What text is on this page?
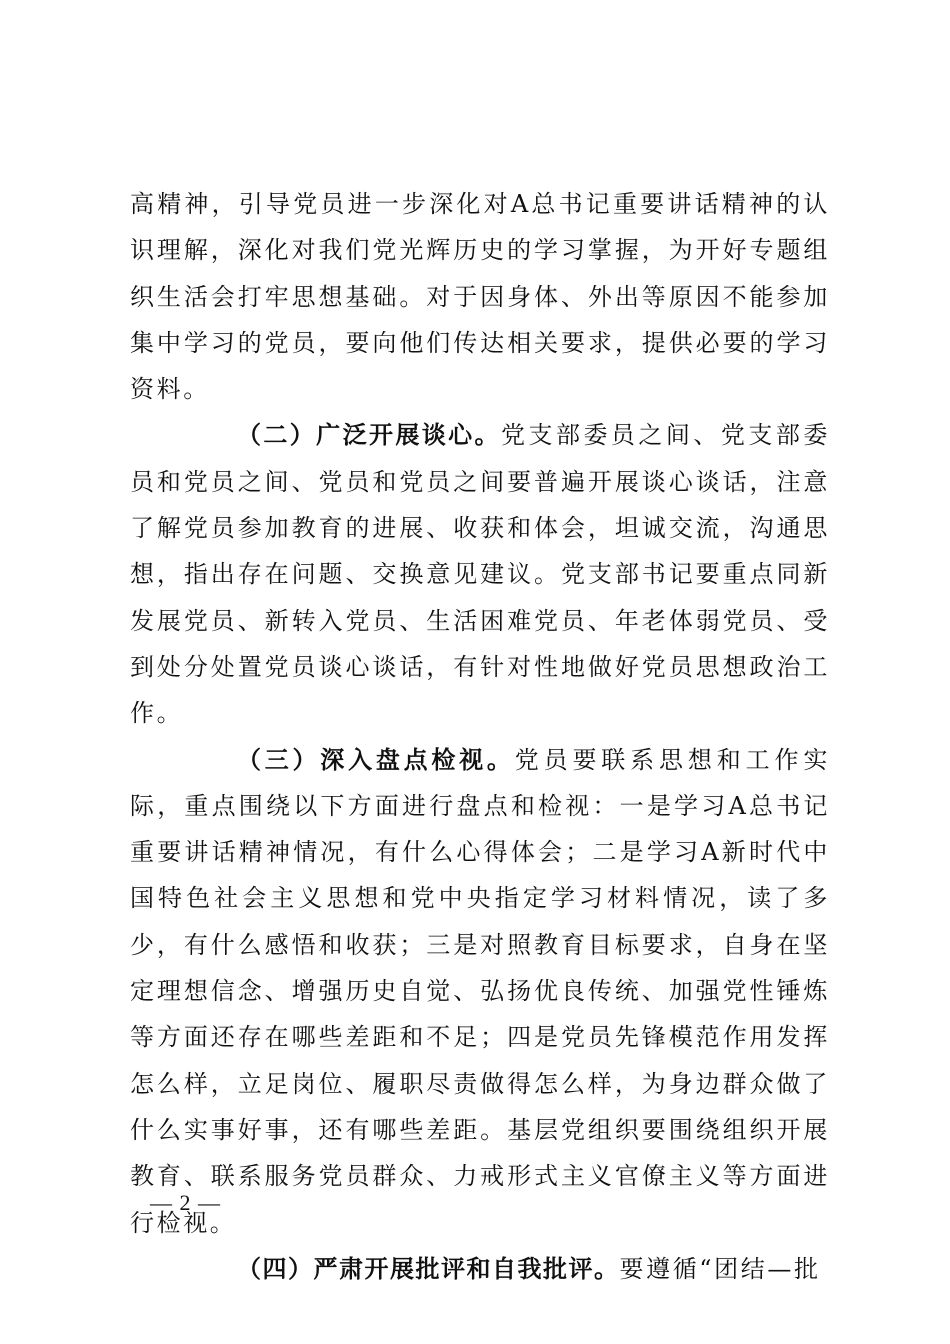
高精神，引导党员进一步深化对A总书记重要讲话精神的认识理解，深化对我们党光辉历史的学习掌握，为开好专题组织生活会打牢思想基础。对于因身体、外出等原因不能参加集中学习的党员，要向他们传达相关要求，提供必要的学习资料。

（二）广泛开展谈心。党支部委员之间、党支部委员和党员之间、党员和党员之间要普遍开展谈心谈话，注意了解党员参加教育的进展、收获和体会，坦诚交流，沟通思想，指出存在问题、交换意见建议。党支部书记要重点同新发展党员、新转入党员、生活困难党员、年老体弱党员、受到处分处置党员谈心谈话，有针对性地做好党员思想政治工作。

（三）深入盘点检视。党员要联系思想和工作实际，重点围绕以下方面进行盘点和检视：一是学习A总书记重要讲话精神情况，有什么心得体会；二是学习A新时代中国特色社会主义思想和党中央指定学习材料情况，读了多少，有什么感悟和收获；三是对照教育目标要求，自身在坚定理想信念、增强历史自觉、弘扬优良传统、加强党性锤炼等方面还存在哪些差距和不足；四是党员先锋模范作用发挥怎么样，立足岗位、履职尽责做得怎么样，为身边群众做了什么实事好事，还有哪些差距。基层党组织要围绕组织开展教育、联系服务党员群众、力戒形式主义官僚主义等方面进行检视。

（四）严肃开展批评和自我批评。要遵循“团结—批

— 2 —
